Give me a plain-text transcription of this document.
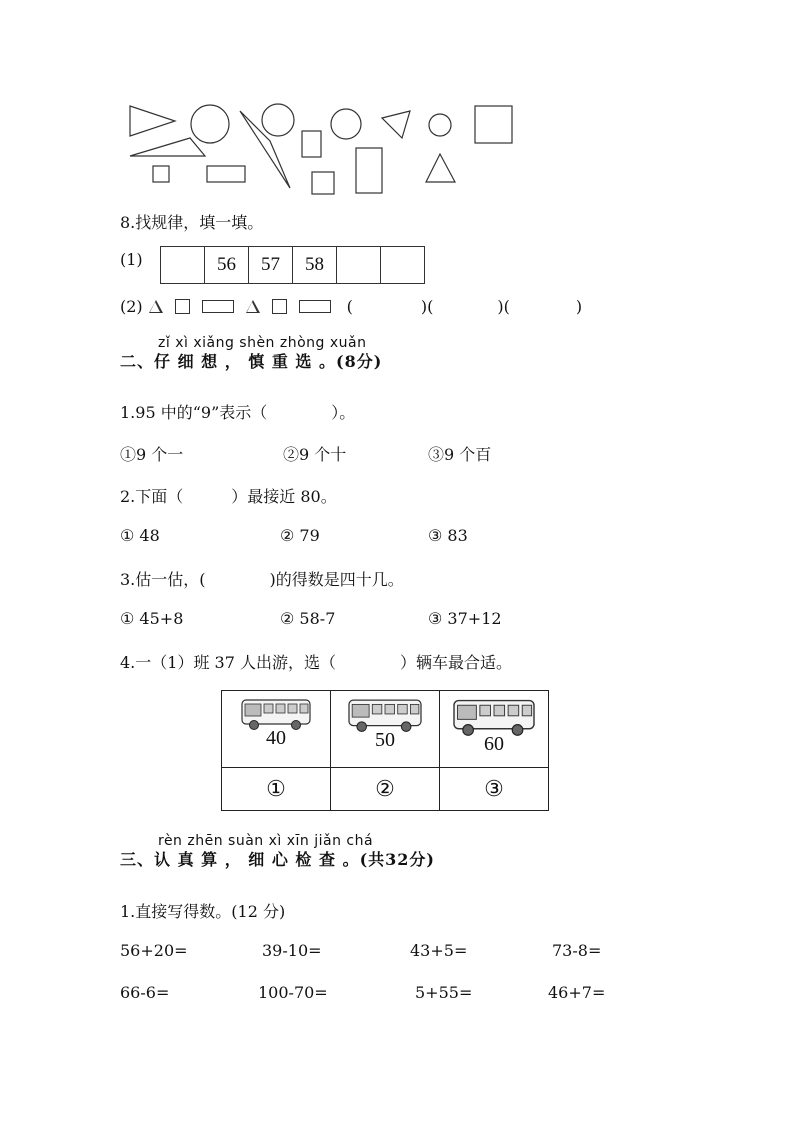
8.找规律，填一填。
(1)	56	57	58
(2)	(	)(	)(	)
zǐ xì xiǎng shèn zhòng xuǎn
二、仔 细 想 ， 慎 重 选 。(8分)
1.95 中的“9”表示（　　　　）。
①9 个一	②9 个十	③9 个百
2.下面（　　　）最接近 80。
① 48	② 79	③ 83
3.估一估，(　　　　)的得数是四十几。
① 45+8	② 58-7	③ 37+12
4.一（1）班 37 人出游，选（　　　　）辆车最合适。
40	50	60

①	②	③
rèn zhēn suàn xì xīn jiǎn chá
三、认 真 算 ， 细 心 检 查 。(共32分)
1.直接写得数。(12 分)
56+20=	39-10=	43+5=	73-8=
66-6=	100-70=	5+55=	46+7=
